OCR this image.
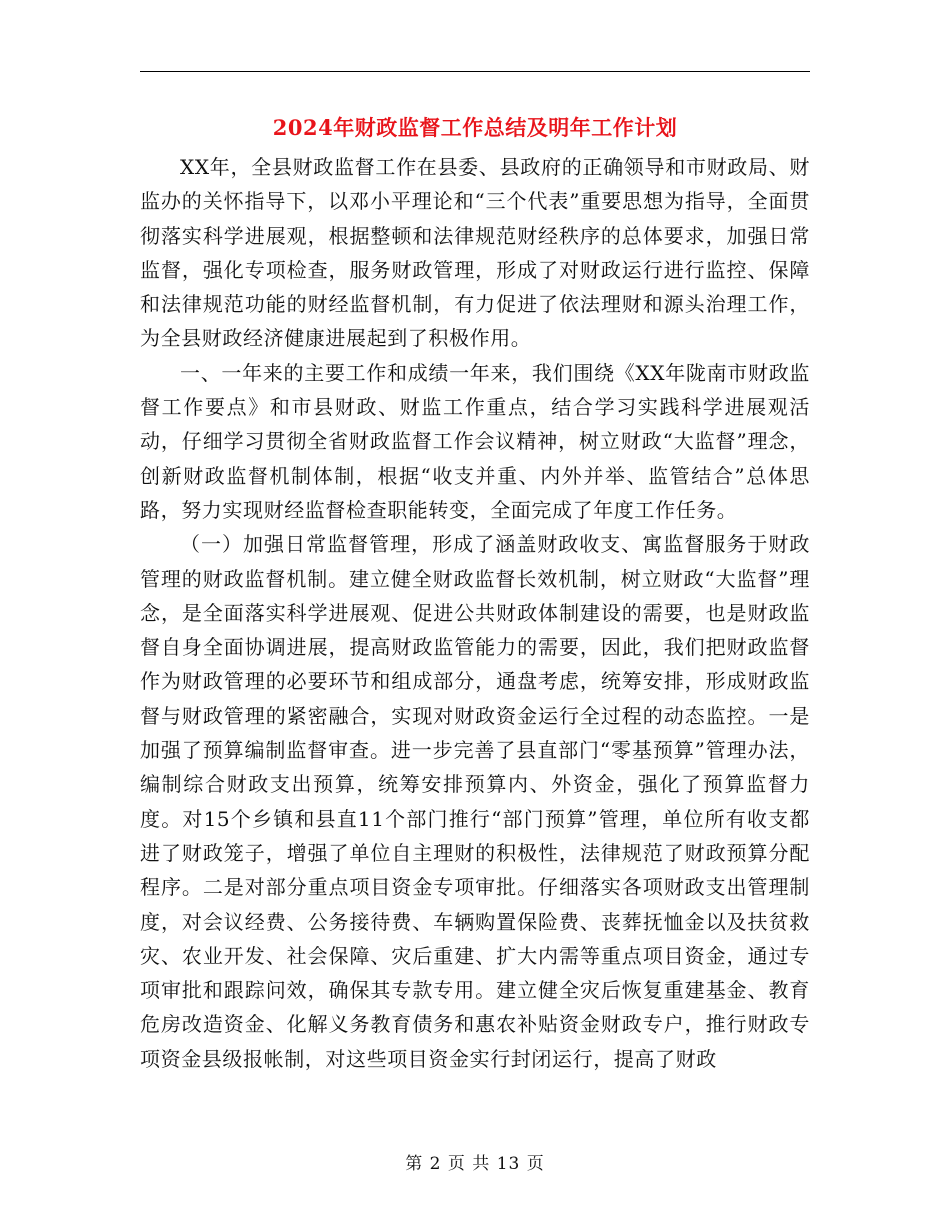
2024年财政监督工作总结及明年工作计划

XX年，全县财政监督工作在县委、县政府的正确领导和市财政局、财监办的关怀指导下，以邓小平理论和“三个代表”重要思想为指导，全面贯彻落实科学进展观，根据整顿和法律规范财经秩序的总体要求，加强日常监督，强化专项检查，服务财政管理，形成了对财政运行进行监控、保障和法律规范功能的财经监督机制，有力促进了依法理财和源头治理工作，为全县财政经济健康进展起到了积极作用。

一、一年来的主要工作和成绩一年来，我们围绕《XX年陇南市财政监督工作要点》和市县财政、财监工作重点，结合学习实践科学进展观活动，仔细学习贯彻全省财政监督工作会议精神，树立财政“大监督”理念，创新财政监督机制体制，根据“收支并重、内外并举、监管结合”总体思路，努力实现财经监督检查职能转变，全面完成了年度工作任务。

（一）加强日常监督管理，形成了涵盖财政收支、寓监督服务于财政管理的财政监督机制。建立健全财政监督长效机制，树立财政“大监督”理念，是全面落实科学进展观、促进公共财政体制建设的需要，也是财政监督自身全面协调进展，提高财政监管能力的需要，因此，我们把财政监督作为财政管理的必要环节和组成部分，通盘考虑，统筹安排，形成财政监督与财政管理的紧密融合，实现对财政资金运行全过程的动态监控。一是加强了预算编制监督审查。进一步完善了县直部门“零基预算”管理办法，编制综合财政支出预算，统筹安排预算内、外资金，强化了预算监督力度。对15个乡镇和县直11个部门推行“部门预算”管理，单位所有收支都进了财政笼子，增强了单位自主理财的积极性，法律规范了财政预算分配程序。二是对部分重点项目资金专项审批。仔细落实各项财政支出管理制度，对会议经费、公务接待费、车辆购置保险费、丧葬抚恤金以及扶贫救灾、农业开发、社会保障、灾后重建、扩大内需等重点项目资金，通过专项审批和跟踪问效，确保其专款专用。建立健全灾后恢复重建基金、教育危房改造资金、化解义务教育债务和惠农补贴资金财政专户，推行财政专项资金县级报帐制，对这些项目资金实行封闭运行，提高了财政

第 2 页 共 13 页
